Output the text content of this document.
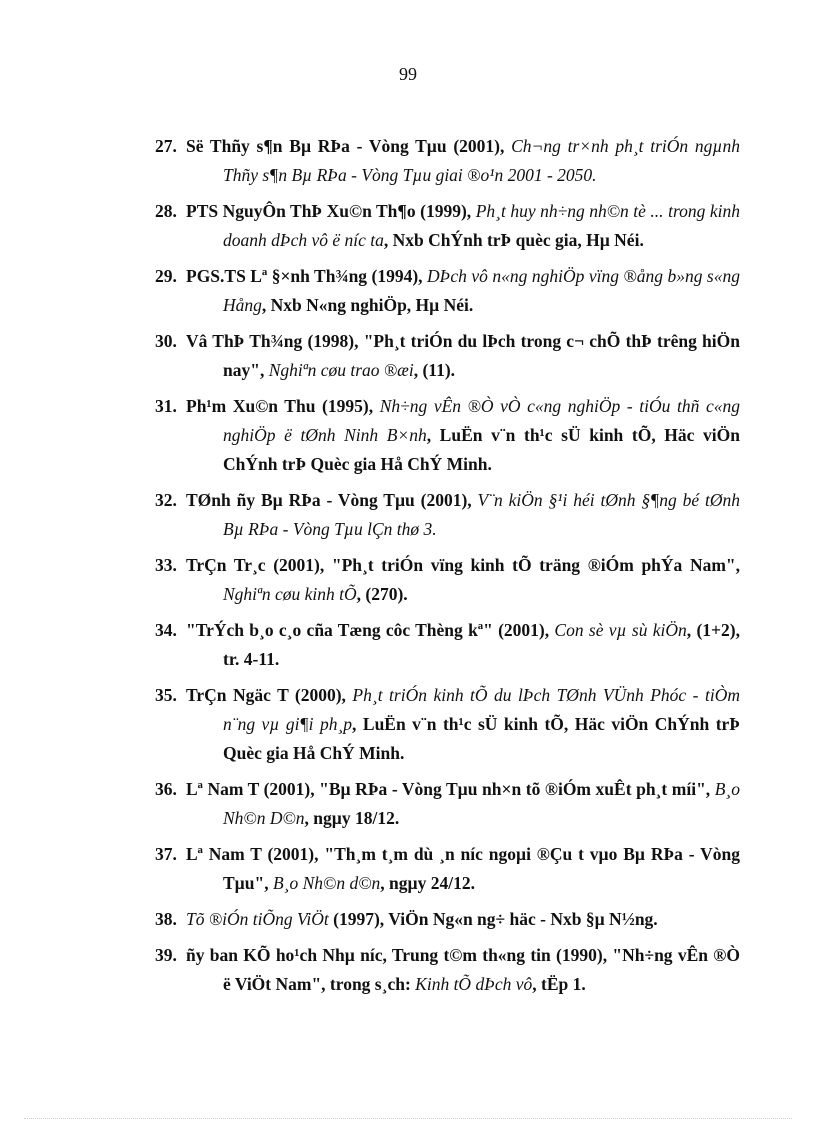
99
27. Së Thñy s¶n Bµ RÞa - Vòng Tµu (2001), Ch¬ng tr×nh ph¸t triÓn ngµnh Thñy s¶n Bµ RÞa - Vòng Tµu giai ®o¹n 2001 - 2050.
28. PTS NguyÔn ThÞ Xu©n Th¶o (1999), Ph¸t huy nh÷ng nh©n tè ... trong kinh doanh dÞch vô ë níc ta, Nxb ChÝnh trÞ quèc gia, Hµ Néi.
29. PGS.TS Lª §×nh Th¾ng (1994), DÞch vô n«ng nghiÖp vïng ®ång b»ng s«ng Hång, Nxb N«ng nghiÖp, Hµ Néi.
30. Vâ ThÞ Th¾ng (1998), "Ph¸t triÓn du lÞch trong c¬ chÕ thÞ trêng hiÖn nay", Nghiªn cøu trao ®æi, (11).
31. Ph¹m Xu©n Thu (1995), Nh÷ng vÊn ®Ò vÒ c«ng nghiÖp - tiÓu thñ c«ng nghiÖp ë tØnh Ninh B×nh, LuËn v¨n th¹c sÜ kinh tÕ, Häc viÖn ChÝnh trÞ Quèc gia Hå ChÝ Minh.
32. TØnh ñy Bµ RÞa - Vòng Tµu (2001), V¨n kiÖn §¹i héi tØnh §¶ng bé tØnh Bµ RÞa - Vòng Tµu lÇn thø 3.
33. TrÇn Tr¸c (2001), "Ph¸t triÓn vïng kinh tÕ träng ®iÓm phÝa Nam", Nghiªn cøu kinh tÕ, (270).
34. "TrÝch b¸o c¸o cña Tæng côc Thèng kª" (2001), Con sè vµ sù kiÖn, (1+2), tr. 4-11.
35. TrÇn Ngäc T (2000), Ph¸t triÓn kinh tÕ du lÞch TØnh VÜnh Phóc - tiÒm n¨ng vµ gi¶i ph¸p, LuËn v¨n th¹c sÜ kinh tÕ, Häc viÖn ChÝnh trÞ Quèc gia Hå ChÝ Minh.
36. Lª Nam T (2001), "Bµ RÞa - Vòng Tµu nh×n tõ ®iÓm xuÊt ph¸t míi", B¸o Nh©n D©n, ngµy 18/12.
37. Lª Nam T (2001), "Th¸m t¸m dù ¸n níc ngoµi ®Çu t vµo Bµ RÞa - Vòng Tµu", B¸o Nh©n d©n, ngµy 24/12.
38. Tõ ®iÓn tiÕng ViÖt (1997), ViÖn Ng«n ng÷ häc - Nxb §µ N½ng.
39. ñy ban KÕ ho¹ch Nhµ níc, Trung t©m th«ng tin (1990), "Nh÷ng vÊn ®Ò ë ViÖt Nam", trong s¸ch: Kinh tÕ dÞch vô, tËp 1.
